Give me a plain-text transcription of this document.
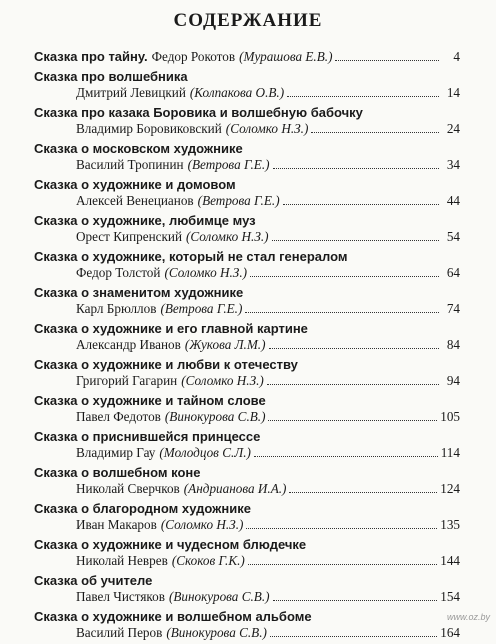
СОДЕРЖАНИЕ
Сказка про тайну. Федор Рокотов (Мурашова Е.В.)	4
Сказка про волшебника
Дмитрий Левицкий (Колпакова О.В.)	14
Сказка про казака Боровика и волшебную бабочку
Владимир Боровиковский (Соломко Н.З.)	24
Сказка о московском художнике
Василий Тропинин (Ветрова Г.Е.)	34
Сказка о художнике и домовом
Алексей Венецианов (Ветрова Г.Е.)	44
Сказка о художнике, любимце муз
Орест Кипренский (Соломко Н.З.)	54
Сказка о художнике, который не стал генералом
Федор Толстой (Соломко Н.З.)	64
Сказка о знаменитом художнике
Карл Брюллов (Ветрова Г.Е.)	74
Сказка о художнике и его главной картине
Александр Иванов (Жукова Л.М.)	84
Сказка о художнике и любви к отечеству
Григорий Гагарин (Соломко Н.З.)	94
Сказка о художнике и тайном слове
Павел Федотов (Винокурова С.В.)	105
Сказка о приснившейся принцессе
Владимир Гау (Молодцов С.Л.)	114
Сказка о волшебном коне
Николай Сверчков (Андрианова И.А.)	124
Сказка о благородном художнике
Иван Макаров (Соломко Н.З.)	135
Сказка о художнике и чудесном блюдечке
Николай Неврев (Скоков Г.К.)	144
Сказка об учителе
Павел Чистяков (Винокурова С.В.)	154
Сказка о художнике и волшебном альбоме
Василий Перов (Винокурова С.В.)	164
www.oz.by
